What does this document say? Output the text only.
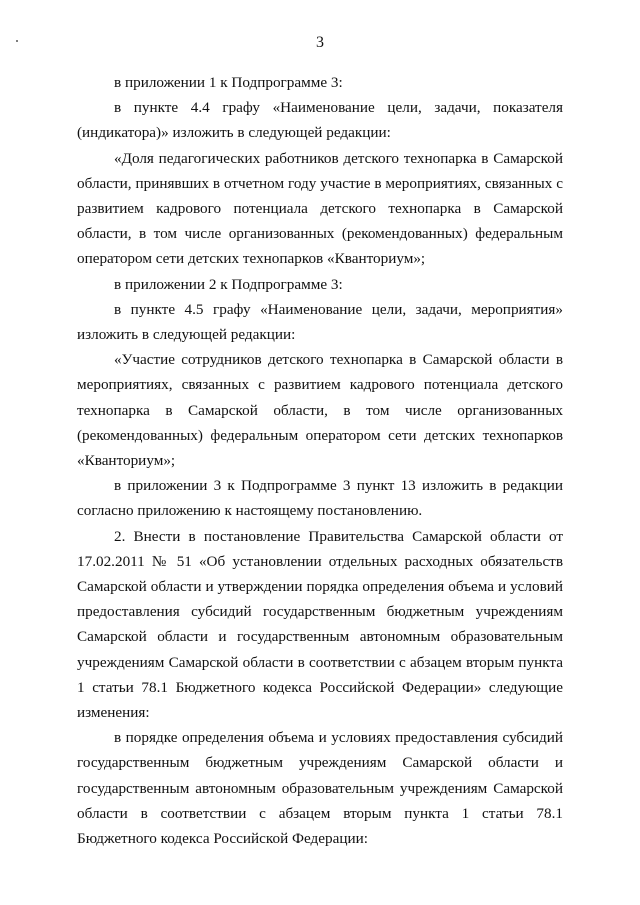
3

в приложении 1 к Подпрограмме 3:

в пункте 4.4 графу «Наименование цели, задачи, показателя (индикатора)» изложить в следующей редакции:

«Доля педагогических работников детского технопарка в Самарской области, принявших в отчетном году участие в мероприятиях, связанных с развитием кадрового потенциала детского технопарка в Самарской области, в том числе организованных (рекомендованных) федеральным оператором сети детских технопарков «Кванториум»;

в приложении 2 к Подпрограмме 3:

в пункте 4.5 графу «Наименование цели, задачи, мероприятия» изложить в следующей редакции:

«Участие сотрудников детского технопарка в Самарской области в мероприятиях, связанных с развитием кадрового потенциала детского технопарка в Самарской области, в том числе организованных (рекомендованных) федеральным оператором сети детских технопарков «Кванториум»;

в приложении 3 к Подпрограмме 3 пункт 13 изложить в редакции согласно приложению к настоящему постановлению.

2. Внести в постановление Правительства Самарской области от 17.02.2011 № 51 «Об установлении отдельных расходных обязательств Самарской области и утверждении порядка определения объема и условий предоставления субсидий государственным бюджетным учреждениям Самарской области и государственным автономным образовательным учреждениям Самарской области в соответствии с абзацем вторым пункта 1 статьи 78.1 Бюджетного кодекса Российской Федерации» следующие изменения:

в порядке определения объема и условиях предоставления субсидий государственным бюджетным учреждениям Самарской области и государственным автономным образовательным учреждениям Самарской области в соответствии с абзацем вторым пункта 1 статьи 78.1 Бюджетного кодекса Российской Федерации:
